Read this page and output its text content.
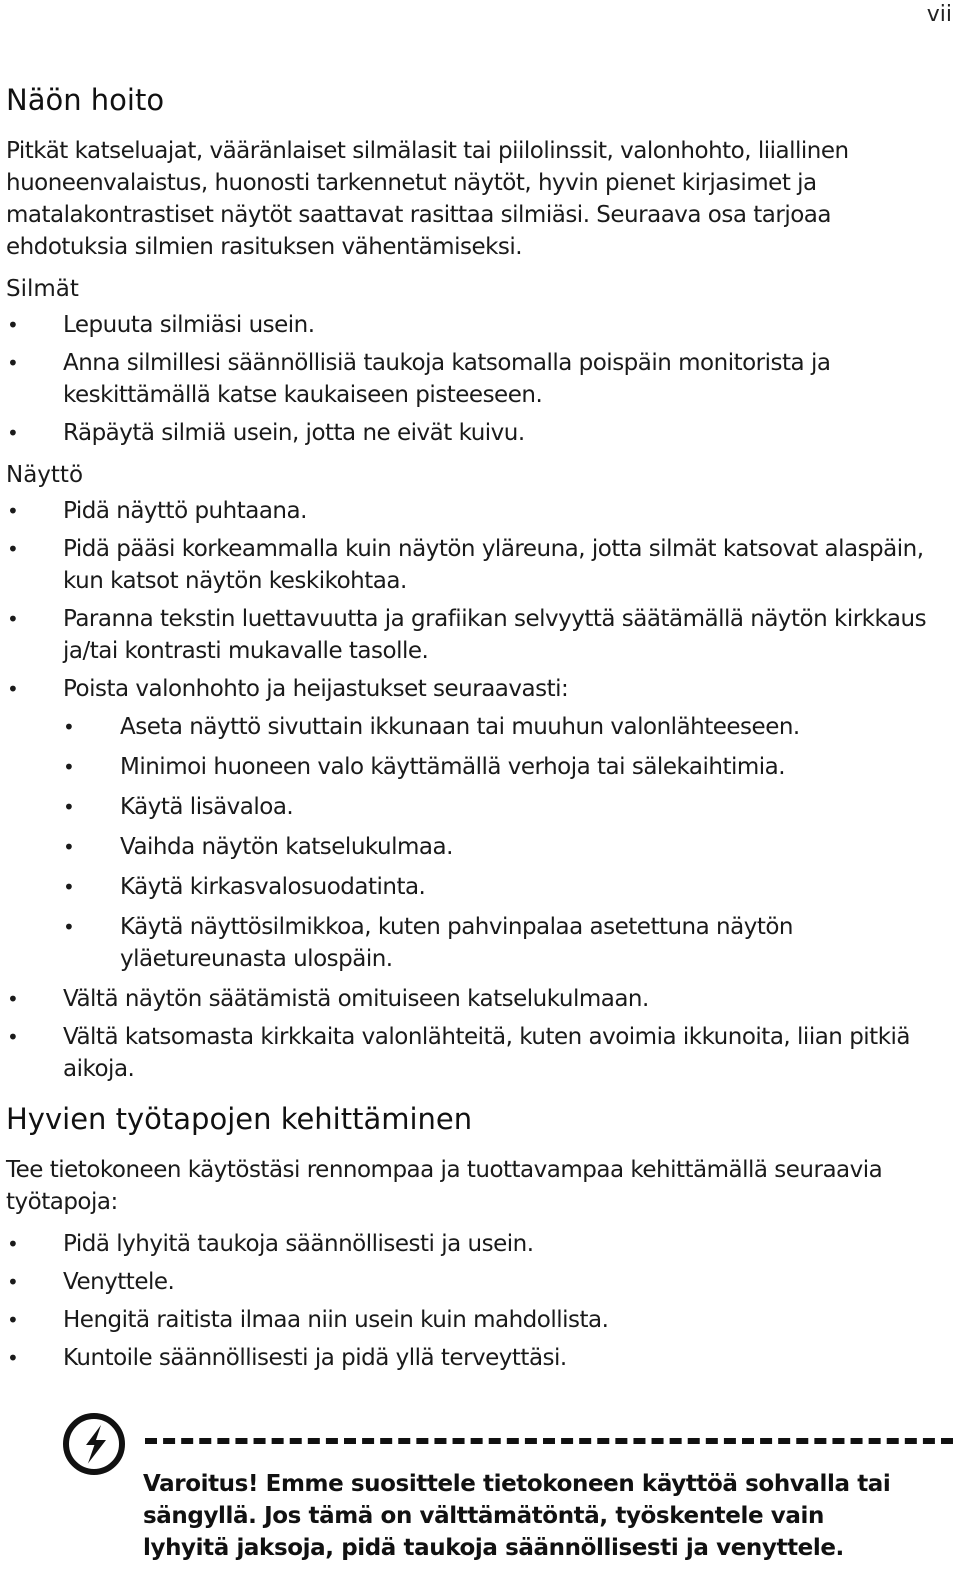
vii
Näön hoito

Pitkät katseluajat, vääränlaiset silmälasit tai piilolinssit, valonhohto, liiallinen huoneenvalaistus, huonosti tarkennetut näytöt, hyvin pienet kirjasimet ja matalakontrastiset näytöt saattavat rasittaa silmiäsi. Seuraava osa tarjoaa ehdotuksia silmien rasituksen vähentämiseksi.

Silmät
• Lepuuta silmiäsi usein.
• Anna silmillesi säännöllisiä taukoja katsomalla poispäin monitorista ja keskittämällä katse kaukaiseen pisteeseen.
• Räpäytä silmiä usein, jotta ne eivät kuivu.
Näyttö
• Pidä näyttö puhtaana.
• Pidä pääsi korkeammalla kuin näytön yläreuna, jotta silmät katsovat alaspäin, kun katsot näytön keskikohtaa.
• Paranna tekstin luettavuutta ja grafiikan selvyyttä säätämällä näytön kirkkaus ja/tai kontrasti mukavalle tasolle.
• Poista valonhohto ja heijastukset seuraavasti:
• Aseta näyttö sivuttain ikkunaan tai muuhun valonlähteeseen.
• Minimoi huoneen valo käyttämällä verhoja tai sälekaihtimia.
• Käytä lisävaloa.
• Vaihda näytön katselukulmaa.
• Käytä kirkasvalosuodatinta.
• Käytä näyttösilmikkoa, kuten pahvinpalaa asetettuna näytön yläetureunasta ulospäin.
• Vältä näytön säätämistä omituiseen katselukulmaan.
• Vältä katsomasta kirkkaita valonlähteitä, kuten avoimia ikkunoita, liian pitkiä aikoja.
Hyvien työtapojen kehittäminen

Tee tietokoneen käytöstäsi rennompaa ja tuottavampaa kehittämällä seuraavia työtapoja:

• Pidä lyhyitä taukoja säännöllisesti ja usein.
• Venyttele.
• Hengitä raitista ilmaa niin usein kuin mahdollista.
• Kuntoile säännöllisesti ja pidä yllä terveyttäsi.
Varoitus! Emme suosittele tietokoneen käyttöä sohvalla tai sängyllä. Jos tämä on välttämätöntä, työskentele vain lyhyitä jaksoja, pidä taukoja säännöllisesti ja venyttele.
